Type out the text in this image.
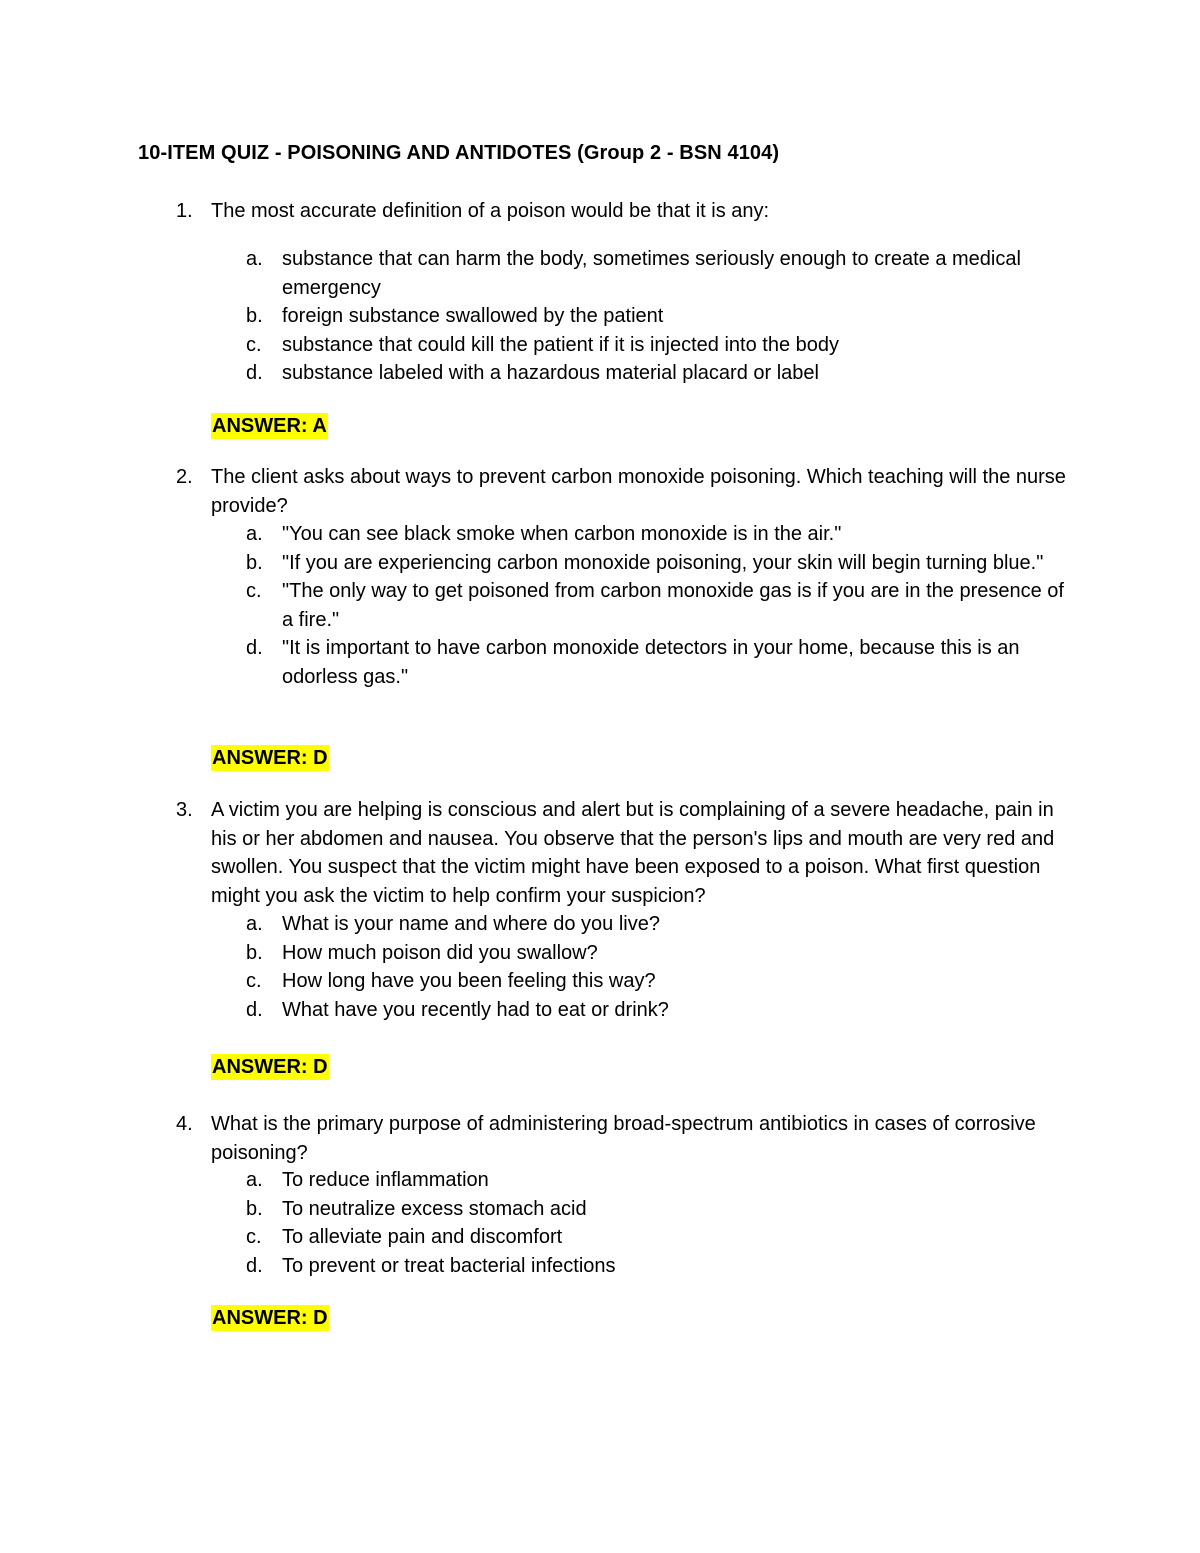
10-ITEM QUIZ - POISONING AND ANTIDOTES (Group 2 - BSN 4104)
1. The most accurate definition of a poison would be that it is any:
a. substance that can harm the body, sometimes seriously enough to create a medical emergency
b. foreign substance swallowed by the patient
c. substance that could kill the patient if it is injected into the body
d. substance labeled with a hazardous material placard or label
ANSWER: A
2. The client asks about ways to prevent carbon monoxide poisoning. Which teaching will the nurse provide?
a. "You can see black smoke when carbon monoxide is in the air."
b. "If you are experiencing carbon monoxide poisoning, your skin will begin turning blue."
c. "The only way to get poisoned from carbon monoxide gas is if you are in the presence of a fire."
d. "It is important to have carbon monoxide detectors in your home, because this is an odorless gas."
ANSWER: D
3. A victim you are helping is conscious and alert but is complaining of a severe headache, pain in his or her abdomen and nausea. You observe that the person's lips and mouth are very red and swollen. You suspect that the victim might have been exposed to a poison. What first question might you ask the victim to help confirm your suspicion?
a. What is your name and where do you live?
b. How much poison did you swallow?
c. How long have you been feeling this way?
d. What have you recently had to eat or drink?
ANSWER: D
4. What is the primary purpose of administering broad-spectrum antibiotics in cases of corrosive poisoning?
a. To reduce inflammation
b. To neutralize excess stomach acid
c. To alleviate pain and discomfort
d. To prevent or treat bacterial infections
ANSWER: D
